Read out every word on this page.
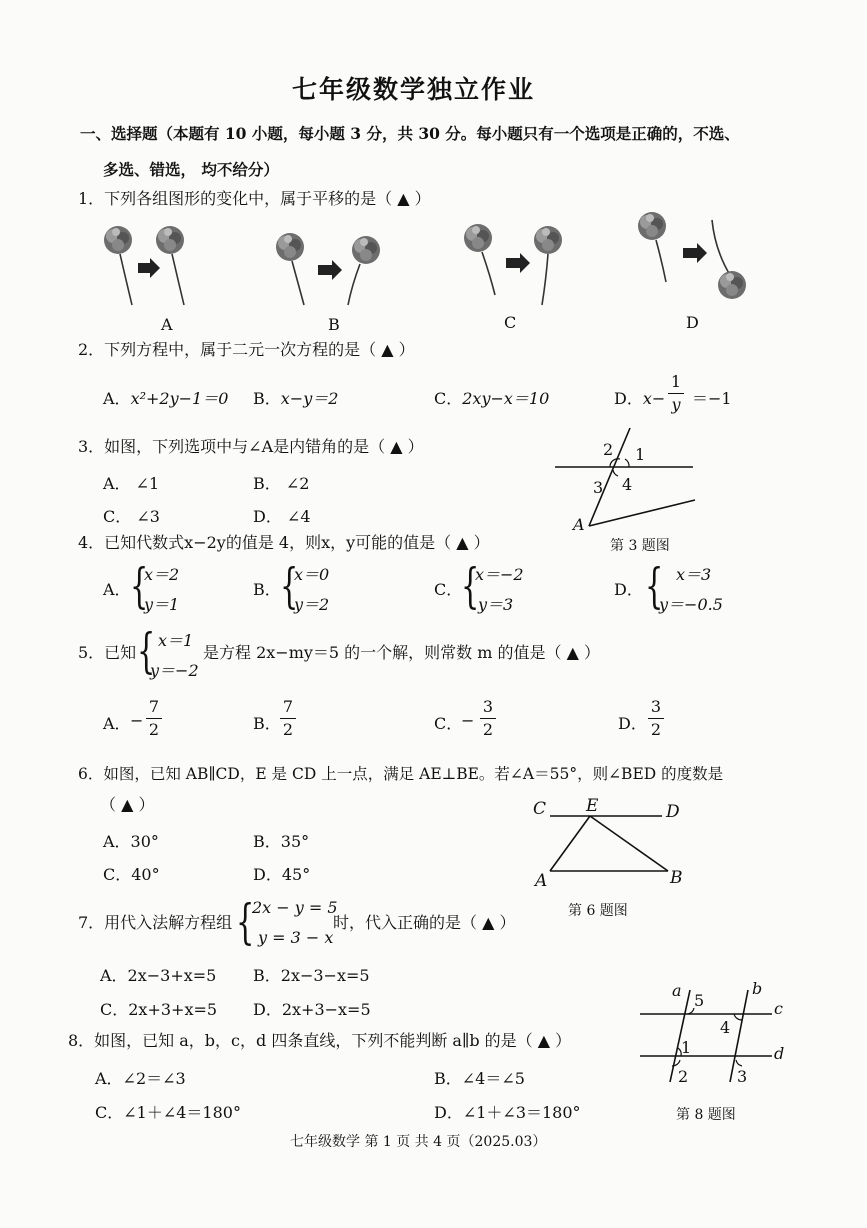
七年级数学独立作业
一、选择题（本题有 10 小题，每小题 3 分，共 30 分。每小题只有一个选项是正确的，不选、
多选、错选， 均不给分）
1．下列各组图形的变化中，属于平移的是（ ▲ ）
A	B	C	D
2．下列方程中，属于二元一次方程的是（ ▲ ）
A．x²+2y−1＝0 B．x−y＝2	C．2xy−x＝10	D．x−
1
y ＝−1
3．如图，下列选项中与∠A是内错角的是（ ▲ ）
A． ∠1	B． ∠2
C． ∠3	D． ∠4
2 1
3 4
A
第 3 题图
4．已知代数式x−2y的值是 4，则x，y可能的值是（ ▲ ）
A． {
x＝2
y＝1
B． {
x＝0
y＝2
C．
{
x＝−2
y＝3
D． { x＝3
y＝−0.5
5．已知 { x＝1
y＝−2
是方程 2x−my＝5 的一个解，则常数 m 的值是（ ▲ ）
A． −
7
2	B．
7
2	C．
−
3
2	D．
3
2
6．如图，已知 AB∥CD，E 是 CD 上一点，满足 AE⊥BE。若∠A＝55°，则∠BED 的度数是
（ ▲ ）
A．30°	B．35°
C．40°	D．45°
C E	D
A	B
第 6 题图
7．用代入法解方程组 {
2x − y = 5
y = 3 − x
时，代入正确的是（ ▲ ）
A．2x−3+x=5 B．2x−3−x=5
C．2x+3+x=5 D．2x+3−x=5
8．如图，已知 a，b，c，d 四条直线，下列不能判断 a∥b 的是（ ▲ ）
A．∠2＝∠3	B．∠4＝∠5
C．∠1＋∠4＝180°	D．∠1＋∠3＝180°
a
5
b
c
4
1	d
2	3
第 8 题图
七年级数学 第 1 页 共 4 页（2025.03）
